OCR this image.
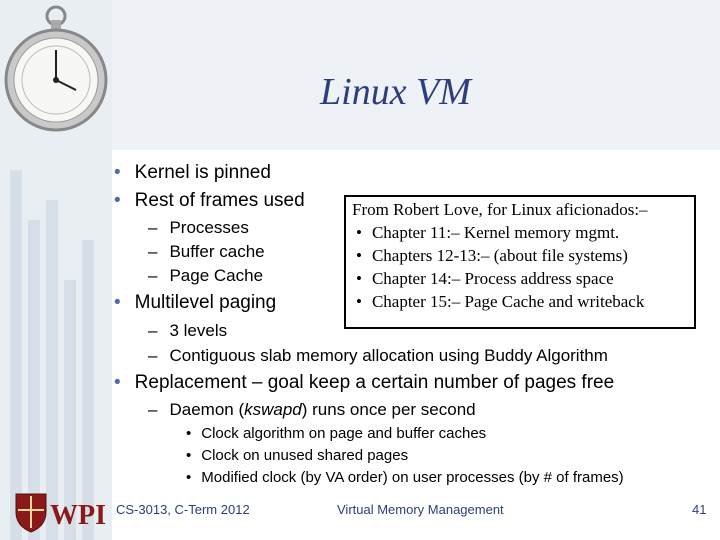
Linux VM
• Kernel is pinned
• Rest of frames used
– Processes
– Buffer cache
– Page Cache
• Multilevel paging
– 3 levels
– Contiguous slab memory allocation using Buddy Algorithm
• Replacement – goal keep a certain number of pages free
– Daemon (kswapd) runs once per second
• Clock algorithm on page and buffer caches
• Clock on unused shared pages
• Modified clock (by VA order) on user processes (by # of frames)
From Robert Love, for Linux aficionados:–
• Chapter 11:– Kernel memory mgmt.
• Chapters 12-13:– (about file systems)
• Chapter 14:– Process address space
• Chapter 15:– Page Cache and writeback
WPI CS-3013, C-Term 2012	Virtual Memory Management	41
